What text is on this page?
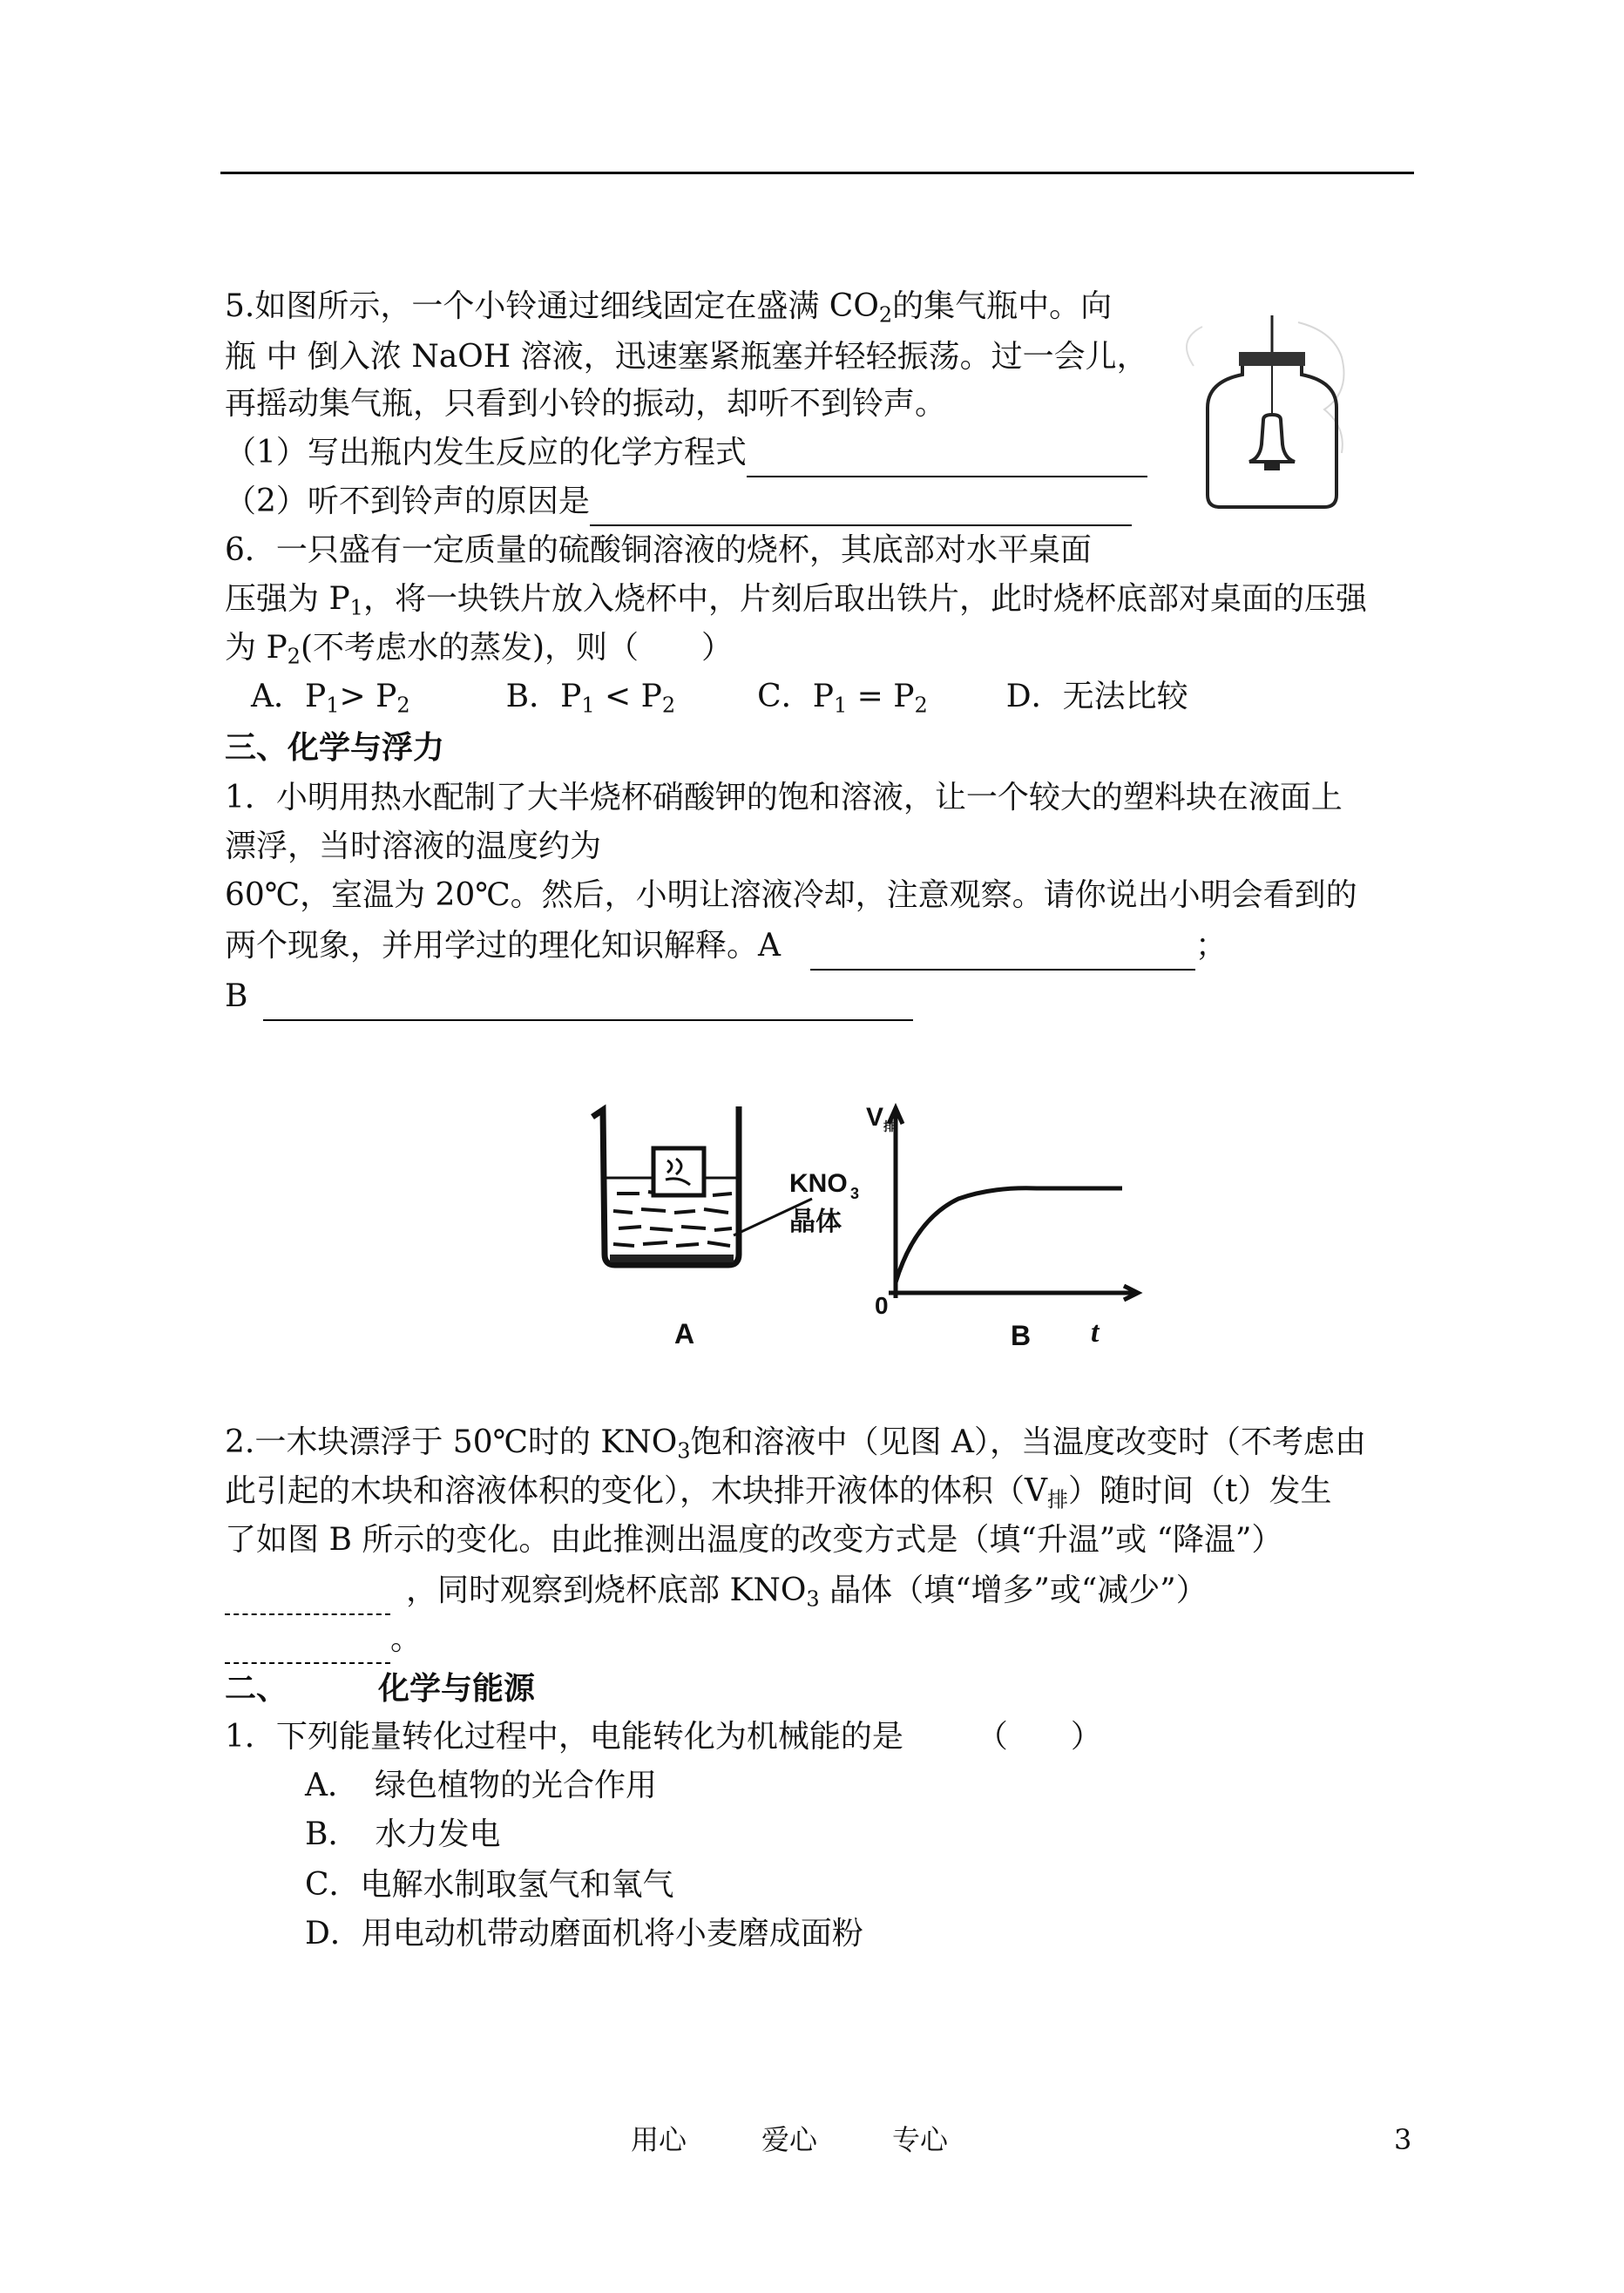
5.如图所示，一个小铃通过细线固定在盛满 $CO_2$的集气瓶中。向
瓶 中 倒入浓 NaOH 溶液，迅速塞紧瓶塞并轻轻振荡。过一会儿，
再摇动集气瓶，只看到小铃的振动，却听不到铃声。
（1）写出瓶内发生反应的化学方程式
（2）听不到铃声的原因是
6．一只盛有一定质量的硫酸铜溶液的烧杯，其底部对水平桌面
压强为 $P_1$，将一块铁片放入烧杯中，片刻后取出铁片，此时烧杯底部对桌面的压强
为 $P_2$(不考虑水的蒸发)，则（　　）
A．$P_1> P_2$	B．$P_1 < P_2$	C．$P_1 = P_2$	D．无法比较
三、化学与浮力
1．小明用热水配制了大半烧杯硝酸钾的饱和溶液，让一个较大的塑料块在液面上
漂浮，当时溶液的温度约为
60℃，室温为 20℃。然后，小明让溶液冷却，注意观察。请你说出小明会看到的
两个现象，并用学过的理化知识解释。A	；
B
KNO 3
晶体
A
V 排
0
B t
2.一木块漂浮于 50℃时的 $KNO_3$饱和溶液中（见图 A），当温度改变时（不考虑由
此引起的木块和溶液体积的变化），木块排开液体的体积$(V_排)$随时间（t）发生
了如图 B 所示的变化。由此推测出温度的改变方式是（填“升温”或 “降温”）
，同时观察到烧杯底部 $KNO_3$ 晶体（填“增多”或“减少”）
。
二、	化学与能源
1．下列能量转化过程中，电能转化为机械能的是 （　　）
A．　绿色植物的光合作用
B．　水力发电
C．电解水制取氢气和氧气
D．用电动机带动磨面机将小麦磨成面粉
用心	爱心	专心	3
